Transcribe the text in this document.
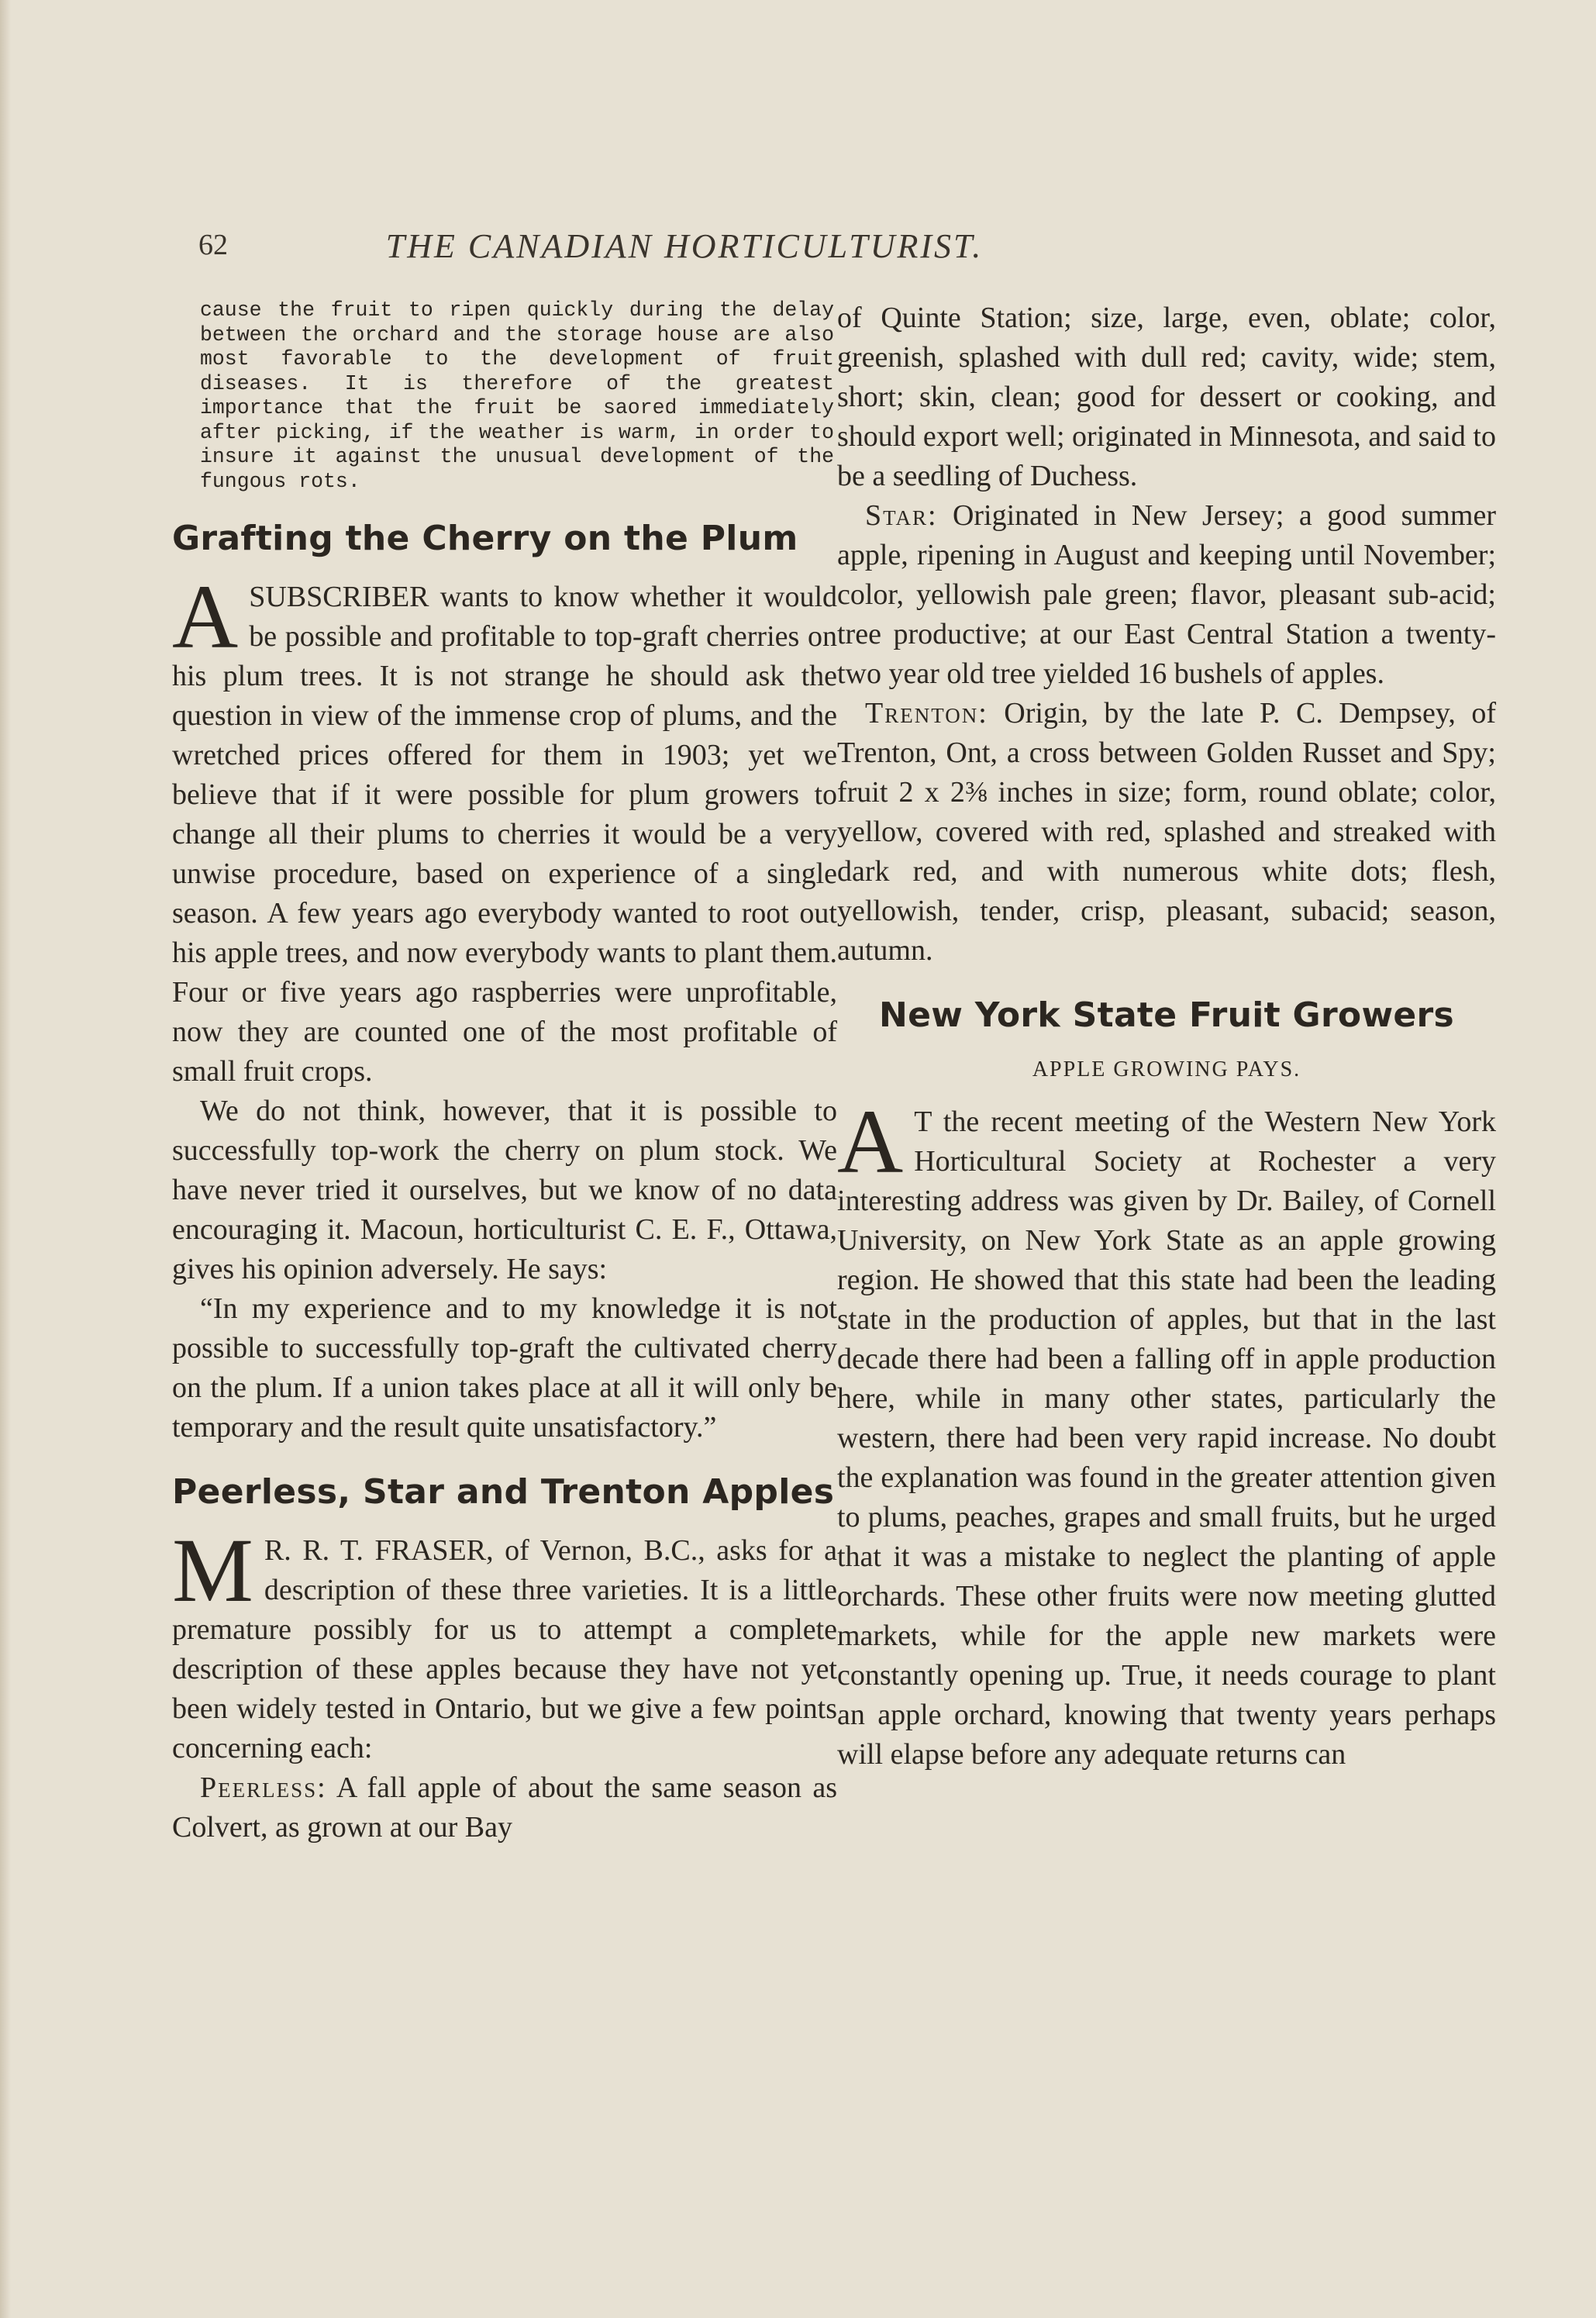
62	THE CANADIAN HORTICULTURIST.

cause the fruit to ripen quickly during the delay between the orchard and the storage house are also most favorable to the development of fruit diseases. It is therefore of the greatest importance that the fruit be saored immediately after picking, if the weather is warm, in order to insure it against the unusual development of the fungous rots.

Grafting the Cherry on the Plum

ASUBSCRIBER wants to know whether it would be possible and profitable to top-graft cherries on his plum trees. It is not strange he should ask the question in view of the immense crop of plums, and the wretched prices offered for them in 1903; yet we believe that if it were possible for plum growers to change all their plums to cherries it would be a very unwise procedure, based on experience of a single season. A few years ago everybody wanted to root out his apple trees, and now everybody wants to plant them. Four or five years ago raspberries were unprofitable, now they are counted one of the most profitable of small fruit crops.

We do not think, however, that it is possible to successfully top-work the cherry on plum stock. We have never tried it ourselves, but we know of no data encouraging it. Macoun, horticulturist C. E. F., Ottawa, gives his opinion adversely. He says:

“In my experience and to my knowledge it is not possible to successfully top-graft the cultivated cherry on the plum. If a union takes place at all it will only be temporary and the result quite unsatisfactory.”

Peerless, Star and Trenton Apples

M R. R. T. FRASER, of Vernon, B.C., asks for a description of these three varieties. It is a little premature possibly for us to attempt a complete description of these apples because they have not yet been widely tested in Ontario, but we give a few points concerning each:

Peerless: A fall apple of about the same season as Colvert, as grown at our Bay

of Quinte Station; size, large, even, oblate; color, greenish, splashed with dull red; cavity, wide; stem, short; skin, clean; good for dessert or cooking, and should export well; originated in Minnesota, and said to be a seedling of Duchess.

Star: Originated in New Jersey; a good summer apple, ripening in August and keeping until November; color, yellowish pale green; flavor, pleasant sub-acid; tree productive; at our East Central Station a twenty-two year old tree yielded 16 bushels of apples.

Trenton: Origin, by the late P. C. Dempsey, of Trenton, Ont, a cross between Golden Russet and Spy; fruit 2 x 2⅜ inches in size; form, round oblate; color, yellow, covered with red, splashed and streaked with dark red, and with numerous white dots; flesh, yellowish, tender, crisp, pleasant, subacid; season, autumn.

New York State Fruit Growers
APPLE GROWING PAYS.

A T the recent meeting of the Western New York Horticultural Society at Rochester a very interesting address was given by Dr. Bailey, of Cornell University, on New York State as an apple growing region. He showed that this state had been the leading state in the production of apples, but that in the last decade there had been a falling off in apple production here, while in many other states, particularly the western, there had been very rapid increase. No doubt the explanation was found in the greater attention given to plums, peaches, grapes and small fruits, but he urged that it was a mistake to neglect the planting of apple orchards. These other fruits were now meeting glutted markets, while for the apple new markets were constantly opening up. True, it needs courage to plant an apple orchard, knowing that twenty years perhaps will elapse before any adequate returns can
